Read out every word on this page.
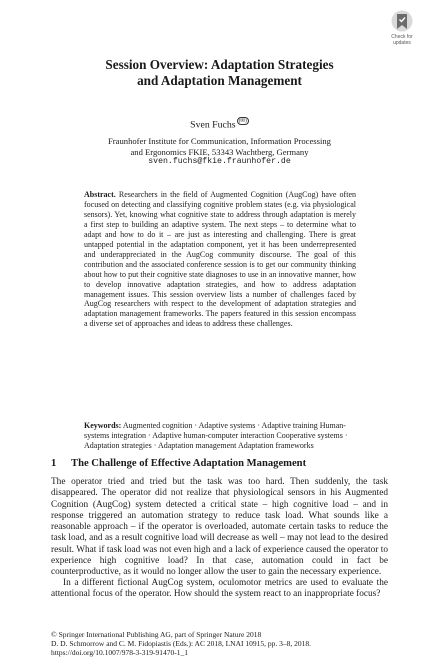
Check for
updates
Session Overview: Adaptation Strategies
and Adaptation Management
Sven Fuchs (✉)
Fraunhofer Institute for Communication, Information Processing
and Ergonomics FKIE, 53343 Wachtberg, Germany
sven.fuchs@fkie.fraunhofer.de
Abstract. Researchers in the field of Augmented Cognition (AugCog) have often focused on detecting and classifying cognitive problem states (e.g. via physiological sensors). Yet, knowing what cognitive state to address through adaptation is merely a first step to building an adaptive system. The next steps – to determine what to adapt and how to do it – are just as interesting and challenging. There is great untapped potential in the adaptation component, yet it has been underrepresented and underappreciated in the AugCog community discourse. The goal of this contribution and the associated conference session is to get our community thinking about how to put their cognitive state diagnoses to use in an innovative manner, how to develop innovative adaptation strategies, and how to address adaptation management issues. This session overview lists a number of challenges faced by AugCog researchers with respect to the development of adaptation strategies and adaptation management frameworks. The papers featured in this session encompass a diverse set of approaches and ideas to address these challenges.
Keywords: Augmented cognition · Adaptive systems · Adaptive training Human-systems integration · Adaptive human-computer interaction Cooperative systems · Adaptation strategies · Adaptation management Adaptation frameworks
1 The Challenge of Effective Adaptation Management
The operator tried and tried but the task was too hard. Then suddenly, the task disappeared. The operator did not realize that physiological sensors in his Augmented Cognition (AugCog) system detected a critical state – high cognitive load – and in response triggered an automation strategy to reduce task load. What sounds like a reasonable approach – if the operator is overloaded, automate certain tasks to reduce the task load, and as a result cognitive load will decrease as well – may not lead to the desired result. What if task load was not even high and a lack of experience caused the operator to experience high cognitive load? In that case, automation could in fact be counterproductive, as it would no longer allow the user to gain the necessary experience.
In a different fictional AugCog system, oculomotor metrics are used to evaluate the attentional focus of the operator. How should the system react to an inappropriate focus?
© Springer International Publishing AG, part of Springer Nature 2018
D. D. Schmorrow and C. M. Fidopiastis (Eds.): AC 2018, LNAI 10915, pp. 3–8, 2018.
https://doi.org/10.1007/978-3-319-91470-1_1
